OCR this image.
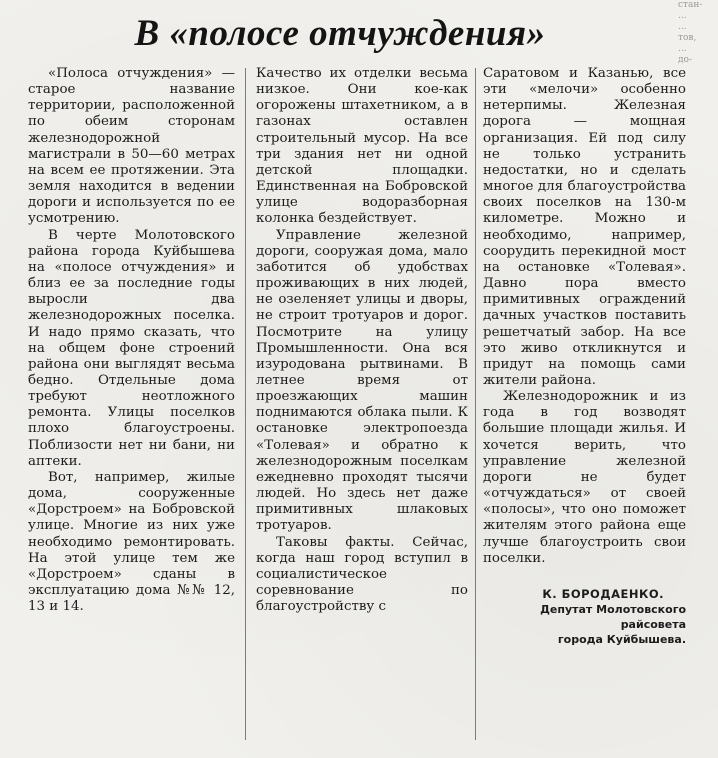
стан-
...
...
тов,
...
до-
В «полосе отчуждения»

«Полоса отчуждения» — старое название территории, расположенной по обеим сторонам железнодорожной магистрали в 50—60 метрах на всем ее протяжении. Эта земля находится в ведении дороги и используется по ее усмотрению.

В черте Молотовского района города Куйбышева на «полосе отчуждения» и близ ее за последние годы выросли два железнодорожных поселка. И надо прямо сказать, что на общем фоне строений района они выглядят весьма бедно. Отдельные дома требуют неотложного ремонта. Улицы поселков плохо благоустроены. Поблизости нет ни бани, ни аптеки.

Вот, например, жилые дома, сооруженные «Дорстроем» на Бобровской улице. Многие из них уже необходимо ремонтировать. На этой улице тем же «Дорстроем» сданы в эксплуатацию дома №№ 12, 13 и 14.

Качество их отделки весьма низкое. Они кое-как огорожены штахетником, а в газонах оставлен строительный мусор. На все три здания нет ни одной детской площадки. Единственная на Бобровской улице водоразборная колонка бездействует.

Управление железной дороги, сооружая дома, мало заботится об удобствах проживающих в них людей, не озеленяет улицы и дворы, не строит тротуаров и дорог. Посмотрите на улицу Промышленности. Она вся изуродована рытвинами. В летнее время от проезжающих машин поднимаются облака пыли. К остановке электропоезда «Толевая» и обратно к железнодорожным поселкам ежедневно проходят тысячи людей. Но здесь нет даже примитивных шлаковых тротуаров.

Таковы факты. Сейчас, когда наш город вступил в социалистическое соревнование по благоустройству с

Саратовом и Казанью, все эти «мелочи» особенно нетерпимы. Железная дорога — мощная организация. Ей под силу не только устранить недостатки, но и сделать многое для благоустройства своих поселков на 130-м километре. Можно и необходимо, например, соорудить перекидной мост на остановке «Толевая». Давно пора вместо примитивных ограждений дачных участков поставить решетчатый забор. На все это живо откликнутся и придут на помощь сами жители района.

Железнодорожник и из года в год возводят большие площади жилья. И хочется верить, что управление железной дороги не будет «отчуждаться» от своей «полосы», что оно поможет жителям этого района еще лучше благоустроить свои поселки.

К. БОРОДАЕНКО.
Депутат Молотовского
райсовета
города Куйбышева.
